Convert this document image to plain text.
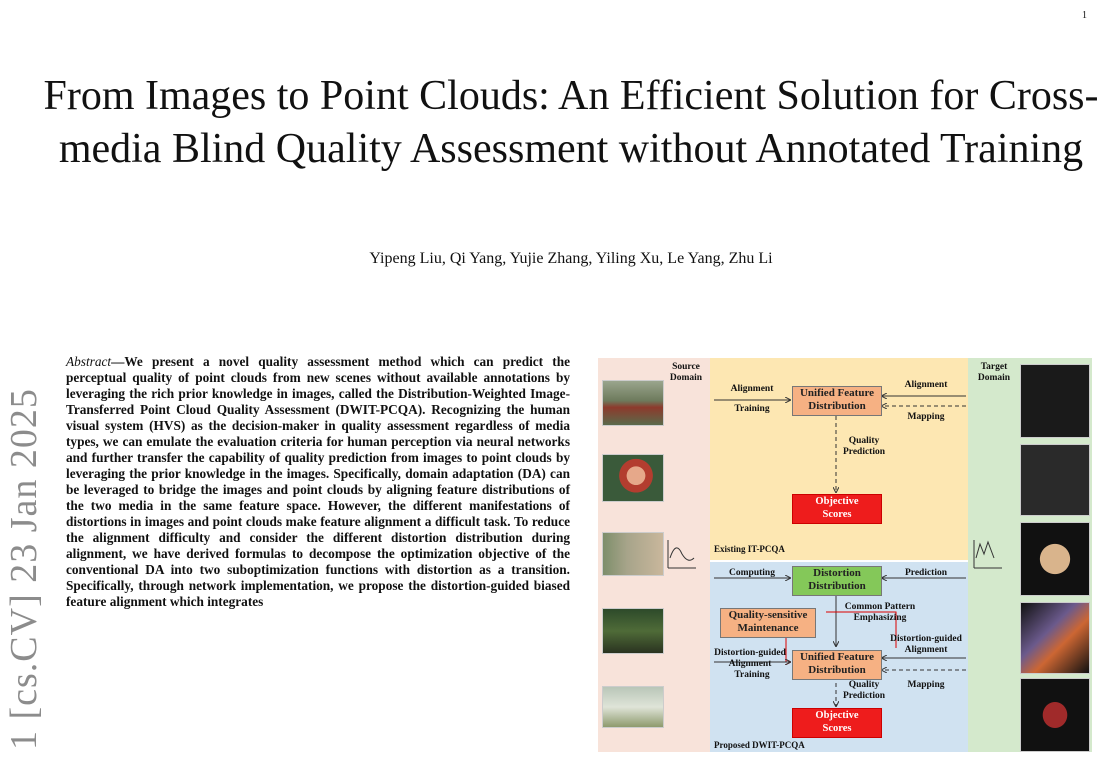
1
From Images to Point Clouds: An Efficient Solution for Cross-media Blind Quality Assessment without Annotated Training
Yipeng Liu, Qi Yang, Yujie Zhang, Yiling Xu, Le Yang, Zhu Li
1 [cs.CV] 23 Jan 2025
Abstract—We present a novel quality assessment method which can predict the perceptual quality of point clouds from new scenes without available annotations by leveraging the rich prior knowledge in images, called the Distribution-Weighted Image-Transferred Point Cloud Quality Assessment (DWIT-PCQA). Recognizing the human visual system (HVS) as the decision-maker in quality assessment regardless of media types, we can emulate the evaluation criteria for human perception via neural networks and further transfer the capability of quality prediction from images to point clouds by leveraging the prior knowledge in the images. Specifically, domain adaptation (DA) can be leveraged to bridge the images and point clouds by aligning feature distributions of the two media in the same feature space. However, the different manifestations of distortions in images and point clouds make feature alignment a difficult task. To reduce the alignment difficulty and consider the different distortion distribution during alignment, we have derived formulas to decompose the optimization objective of the conventional DA into two suboptimization functions with distortion as a transition. Specifically, through network implementation, we propose the distortion-guided biased feature alignment which integrates
Source
Domain
Target
Domain
Alignment
Training
Alignment
Mapping
Unified Feature
Distribution
Quality
Prediction
Objective
Scores
Existing IT-PCQA
Computing	Prediction
Distortion
Distribution
Common Pattern
Emphasizing
Quality-sensitive
Maintenance
Distortion-guided
Alignment
Distortion-guided
Alignment
Training
Unified Feature
Distribution
Mapping
Quality
Prediction
Objective
Scores
Proposed DWIT-PCQA
